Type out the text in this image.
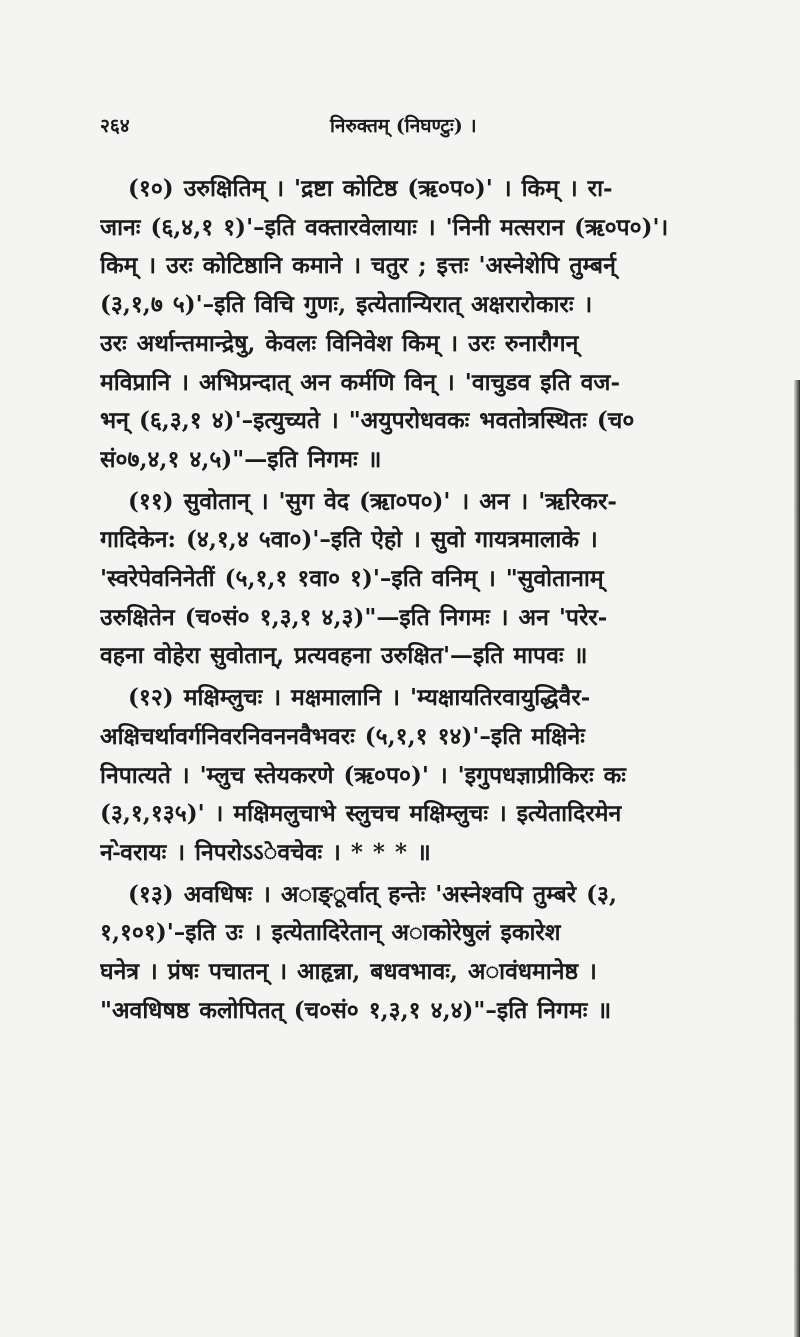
२६४	निरुक्तम् (निघण्टुः) ।

(१०) उरुक्षितिम् । 'द्रष्टा कोटिष्ठ (ऋ०प०)' । किम् । रा-
जानः (६,४,१ १)'–इति वक्तारवेलायाः । 'निनी मत्सरान (ऋ०प०)'।
किम् । उरः कोटिष्ठानि कमाने । चतुर ; इत्तः 'अस्नेशेपि तुम्बर्न्
(३,१,७ ५)'–इति विचि गुणः, इत्येतान्यिरात् अक्षरारोकारः ।
उरः अर्थान्तमान्द्रेषु, केवलः विनिवेश किम् । उरः रुनारौगन्
मविप्रानि । अभिप्रन्दात् अन कर्मणि विन् । 'वाचुडव इति वज-
भन् (६,३,१ ४)'–इत्युच्यते । "अयुपरोधवकः भवतोत्रस्थितः (च०
सं०७,४,१ ४,५)"—इति निगमः ॥

(११) सुवोतान् । 'सुग वेद (ऋा०प०)' । अन । 'ऋरिकर-
गादिकेन: (४,१,४ ५वा०)'–इति ऐहो । सुवो गायत्रमालाके ।
'स्वरेपेवनिनेतीं (५,१,१ १वा० १)'–इति वनिम् । "सुवोतानाम्
उरुक्षितेन (च०सं० १,३,१ ४,३)"—इति निगमः । अन 'परेर-
वहना वोहेरा सुवोतान्, प्रत्यवहना उरुक्षित'—इति मापवः ॥

(१२) मक्षिम्लुचः । मक्षमालानि । 'म्यक्षायतिरवायुद्धिवैर-
अक्षिचर्थावर्गनिवरनिवननवैभवरः (५,१,१ १४)'–इति मक्षिनेः
निपात्यते । 'म्लुच स्तेयकरणे (ऋ०प०)' । 'इगुपधज्ञाप्रीकिरः कः
(३,१,१३५)' । मक्षिमलुचाभे स्लुचच मक्षिम्लुचः । इत्येतादिरमेन
न-ेवरायः । निपरोऽऽेवचेवः । * * * ॥

(१३) अवधिषः । अाङ्ूर्वात् हन्तेः 'अस्नेश्वपि तुम्बरे (३,
१,१०१)'–इति उः । इत्येतादिरेतान् अाकोरेषुलं इकारेश
घनेत्र । प्रंषः पचातन् । आहृन्ना, बधवभावः, अावंधमानेष्ठ ।
"अवधिषष्ठ कलोपितत् (च०सं० १,३,१ ४,४)"–इति निगमः ॥
